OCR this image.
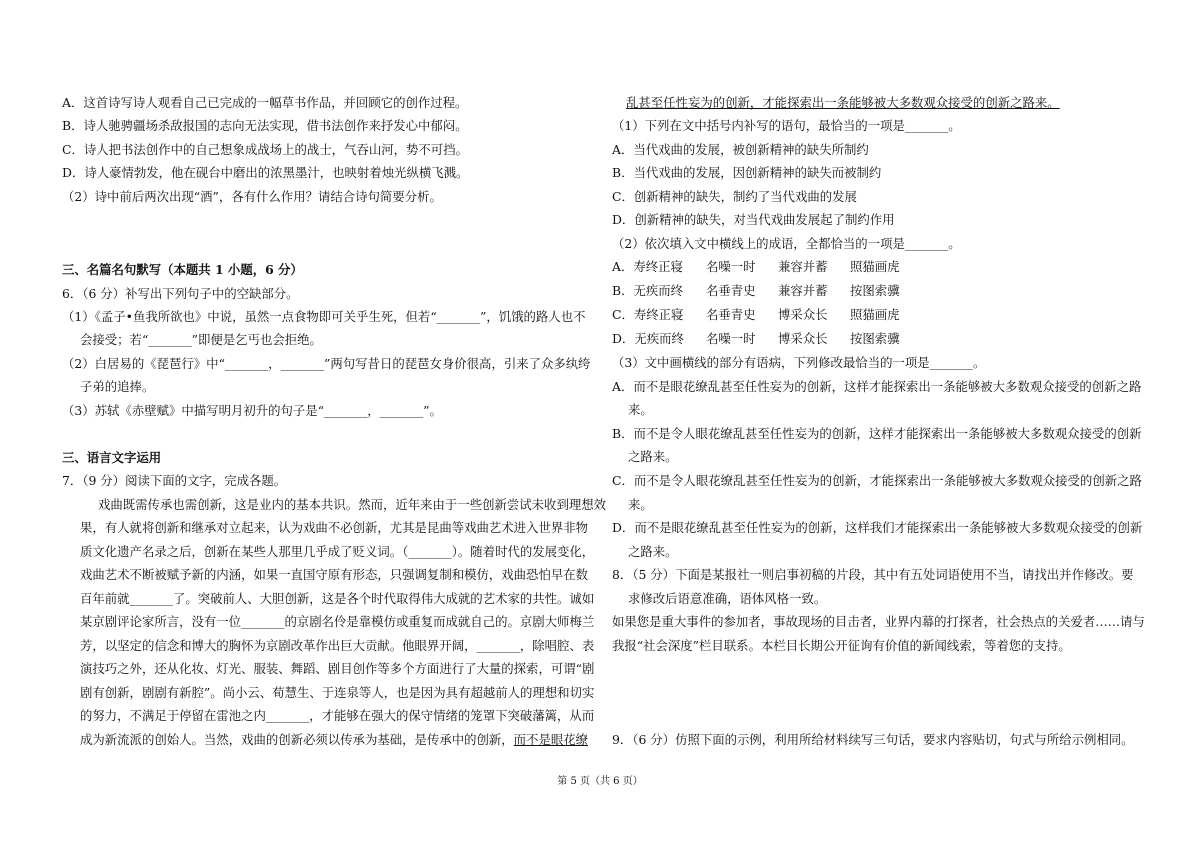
A．这首诗写诗人观看自己已完成的一幅草书作品，并回顾它的创作过程。
B．诗人驰骋疆场杀敌报国的志向无法实现，借书法创作来抒发心中郁闷。
C．诗人把书法创作中的自己想象成战场上的战士，气吞山河，势不可挡。
D．诗人豪情勃发，他在砚台中磨出的浓黑墨汁，也映射着烛光纵横飞溅。
（2）诗中前后两次出现“酒”，各有什么作用？请结合诗句简要分析。
三、名篇名句默写（本题共 1 小题，6 分）
6．（6 分）补写出下列句子中的空缺部分。
（1）《孟子•鱼我所欲也》中说，虽然一点食物即可关乎生死，但若“_______”，饥饿的路人也不
会接受；若“_______”即便是乞丐也会拒绝。
（2）白居易的《琵琶行》中“_______，_______”两句写昔日的琵琶女身价很高，引来了众多纨绔
子弟的追捧。
（3）苏轼《赤壁赋》中描写明月初升的句子是“_______，_______”。
三、语言文字运用
7．（9 分）阅读下面的文字，完成各题。
戏曲既需传承也需创新，这是业内的基本共识。然而，近年来由于一些创新尝试未收到理想效
果，有人就将创新和继承对立起来，认为戏曲不必创新，尤其是昆曲等戏曲艺术进入世界非物
质文化遗产名录之后，创新在某些人那里几乎成了贬义词。（_______）。随着时代的发展变化，
戏曲艺术不断被赋予新的内涵，如果一直国守原有形态，只强调复制和模仿，戏曲恐怕早在数
百年前就_______了。突破前人、大胆创新，这是各个时代取得伟大成就的艺术家的共性。诚如
某京剧评论家所言，没有一位_______的京剧名伶是靠模仿或重复而成就自己的。京剧大师梅兰
芳，以坚定的信念和博大的胸怀为京剧改革作出巨大贡献。他眼界开阔，_______，除唱腔、表
演技巧之外，还从化妆、灯光、服装、舞蹈、剧目创作等多个方面进行了大量的探索，可谓“剧
剧有创新，剧剧有新腔”。尚小云、荀慧生、于连泉等人，也是因为具有超越前人的理想和切实
的努力，不满足于停留在雷池之内_______，才能够在强大的保守情绪的笼罩下突破藩篱，从而
成为新流派的创始人。当然，戏曲的创新必须以传承为基础，是传承中的创新，而不是眼花缭
乱甚至任性妄为的创新，才能探索出一条能够被大多数观众接受的创新之路来。
（1）下列在文中括号内补写的语句，最恰当的一项是_______。
A．当代戏曲的发展，被创新精神的缺失所制约
B．当代戏曲的发展，因创新精神的缺失而被制约
C．创新精神的缺失，制约了当代戏曲的发展
D．创新精神的缺失，对当代戏曲发展起了制约作用
（2）依次填入文中横线上的成语，全都恰当的一项是_______。
A．寿终正寝 名噪一时 兼容并蓄 照猫画虎
B．无疾而终 名垂青史 兼容并蓄 按图索骥
C．寿终正寝 名垂青史 博采众长 照猫画虎
D．无疾而终 名噪一时 博采众长 按图索骥
（3）文中画横线的部分有语病，下列修改最恰当的一项是_______。
A．而不是眼花缭乱甚至任性妄为的创新，这样才能探索出一条能够被大多数观众接受的创新之路
来。
B．而不是令人眼花缭乱甚至任性妄为的创新，这样才能探索出一条能够被大多数观众接受的创新
之路来。
C．而不是令人眼花缭乱甚至任性妄为的创新，才能探索出一条能够被大多数观众接受的创新之路
来。
D．而不是眼花缭乱甚至任性妄为的创新，这样我们才能探索出一条能够被大多数观众接受的创新
之路来。
8．（5 分）下面是某报社一则启事初稿的片段，其中有五处词语使用不当，请找出并作修改。要
求修改后语意准确，语体风格一致。
如果您是重大事件的参加者，事故现场的目击者，业界内幕的打探者，社会热点的关爱者……请与
我报“社会深度”栏目联系。本栏目长期公开征询有价值的新闻线索，等着您的支持。
9．（6 分）仿照下面的示例，利用所给材料续写三句话，要求内容贴切，句式与所给示例相同。
第 5 页（共 6 页）
